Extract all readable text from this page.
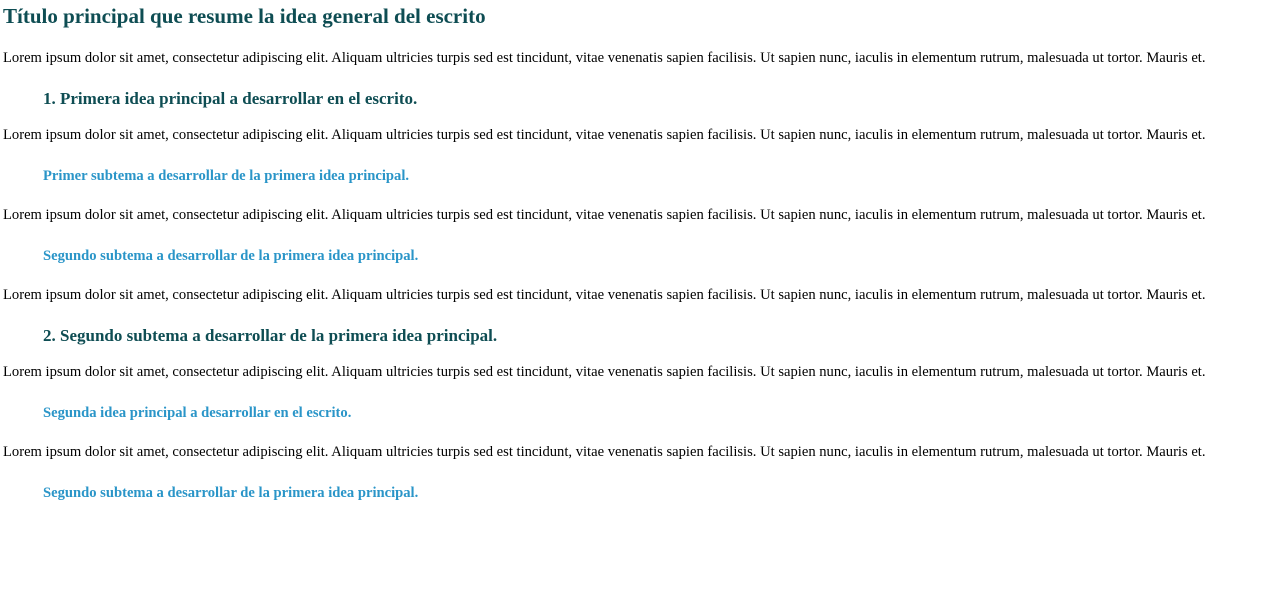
Título principal que resume la idea general del escrito

Lorem ipsum dolor sit amet, consectetur adipiscing elit. Aliquam ultricies turpis sed est tincidunt, vitae venenatis sapien facilisis. Ut sapien nunc, iaculis in elementum rutrum, malesuada ut tortor. Mauris et.

1. Primera idea principal a desarrollar en el escrito.

Lorem ipsum dolor sit amet, consectetur adipiscing elit. Aliquam ultricies turpis sed est tincidunt, vitae venenatis sapien facilisis. Ut sapien nunc, iaculis in elementum rutrum, malesuada ut tortor. Mauris et.

Primer subtema a desarrollar de la primera idea principal.

Lorem ipsum dolor sit amet, consectetur adipiscing elit. Aliquam ultricies turpis sed est tincidunt, vitae venenatis sapien facilisis. Ut sapien nunc, iaculis in elementum rutrum, malesuada ut tortor. Mauris et.

Segundo subtema a desarrollar de la primera idea principal.

Lorem ipsum dolor sit amet, consectetur adipiscing elit. Aliquam ultricies turpis sed est tincidunt, vitae venenatis sapien facilisis. Ut sapien nunc, iaculis in elementum rutrum, malesuada ut tortor. Mauris et.

2. Segundo subtema a desarrollar de la primera idea principal.

Lorem ipsum dolor sit amet, consectetur adipiscing elit. Aliquam ultricies turpis sed est tincidunt, vitae venenatis sapien facilisis. Ut sapien nunc, iaculis in elementum rutrum, malesuada ut tortor. Mauris et.

Segunda idea principal a desarrollar en el escrito.

Lorem ipsum dolor sit amet, consectetur adipiscing elit. Aliquam ultricies turpis sed est tincidunt, vitae venenatis sapien facilisis. Ut sapien nunc, iaculis in elementum rutrum, malesuada ut tortor. Mauris et.

Segundo subtema a desarrollar de la primera idea principal.
